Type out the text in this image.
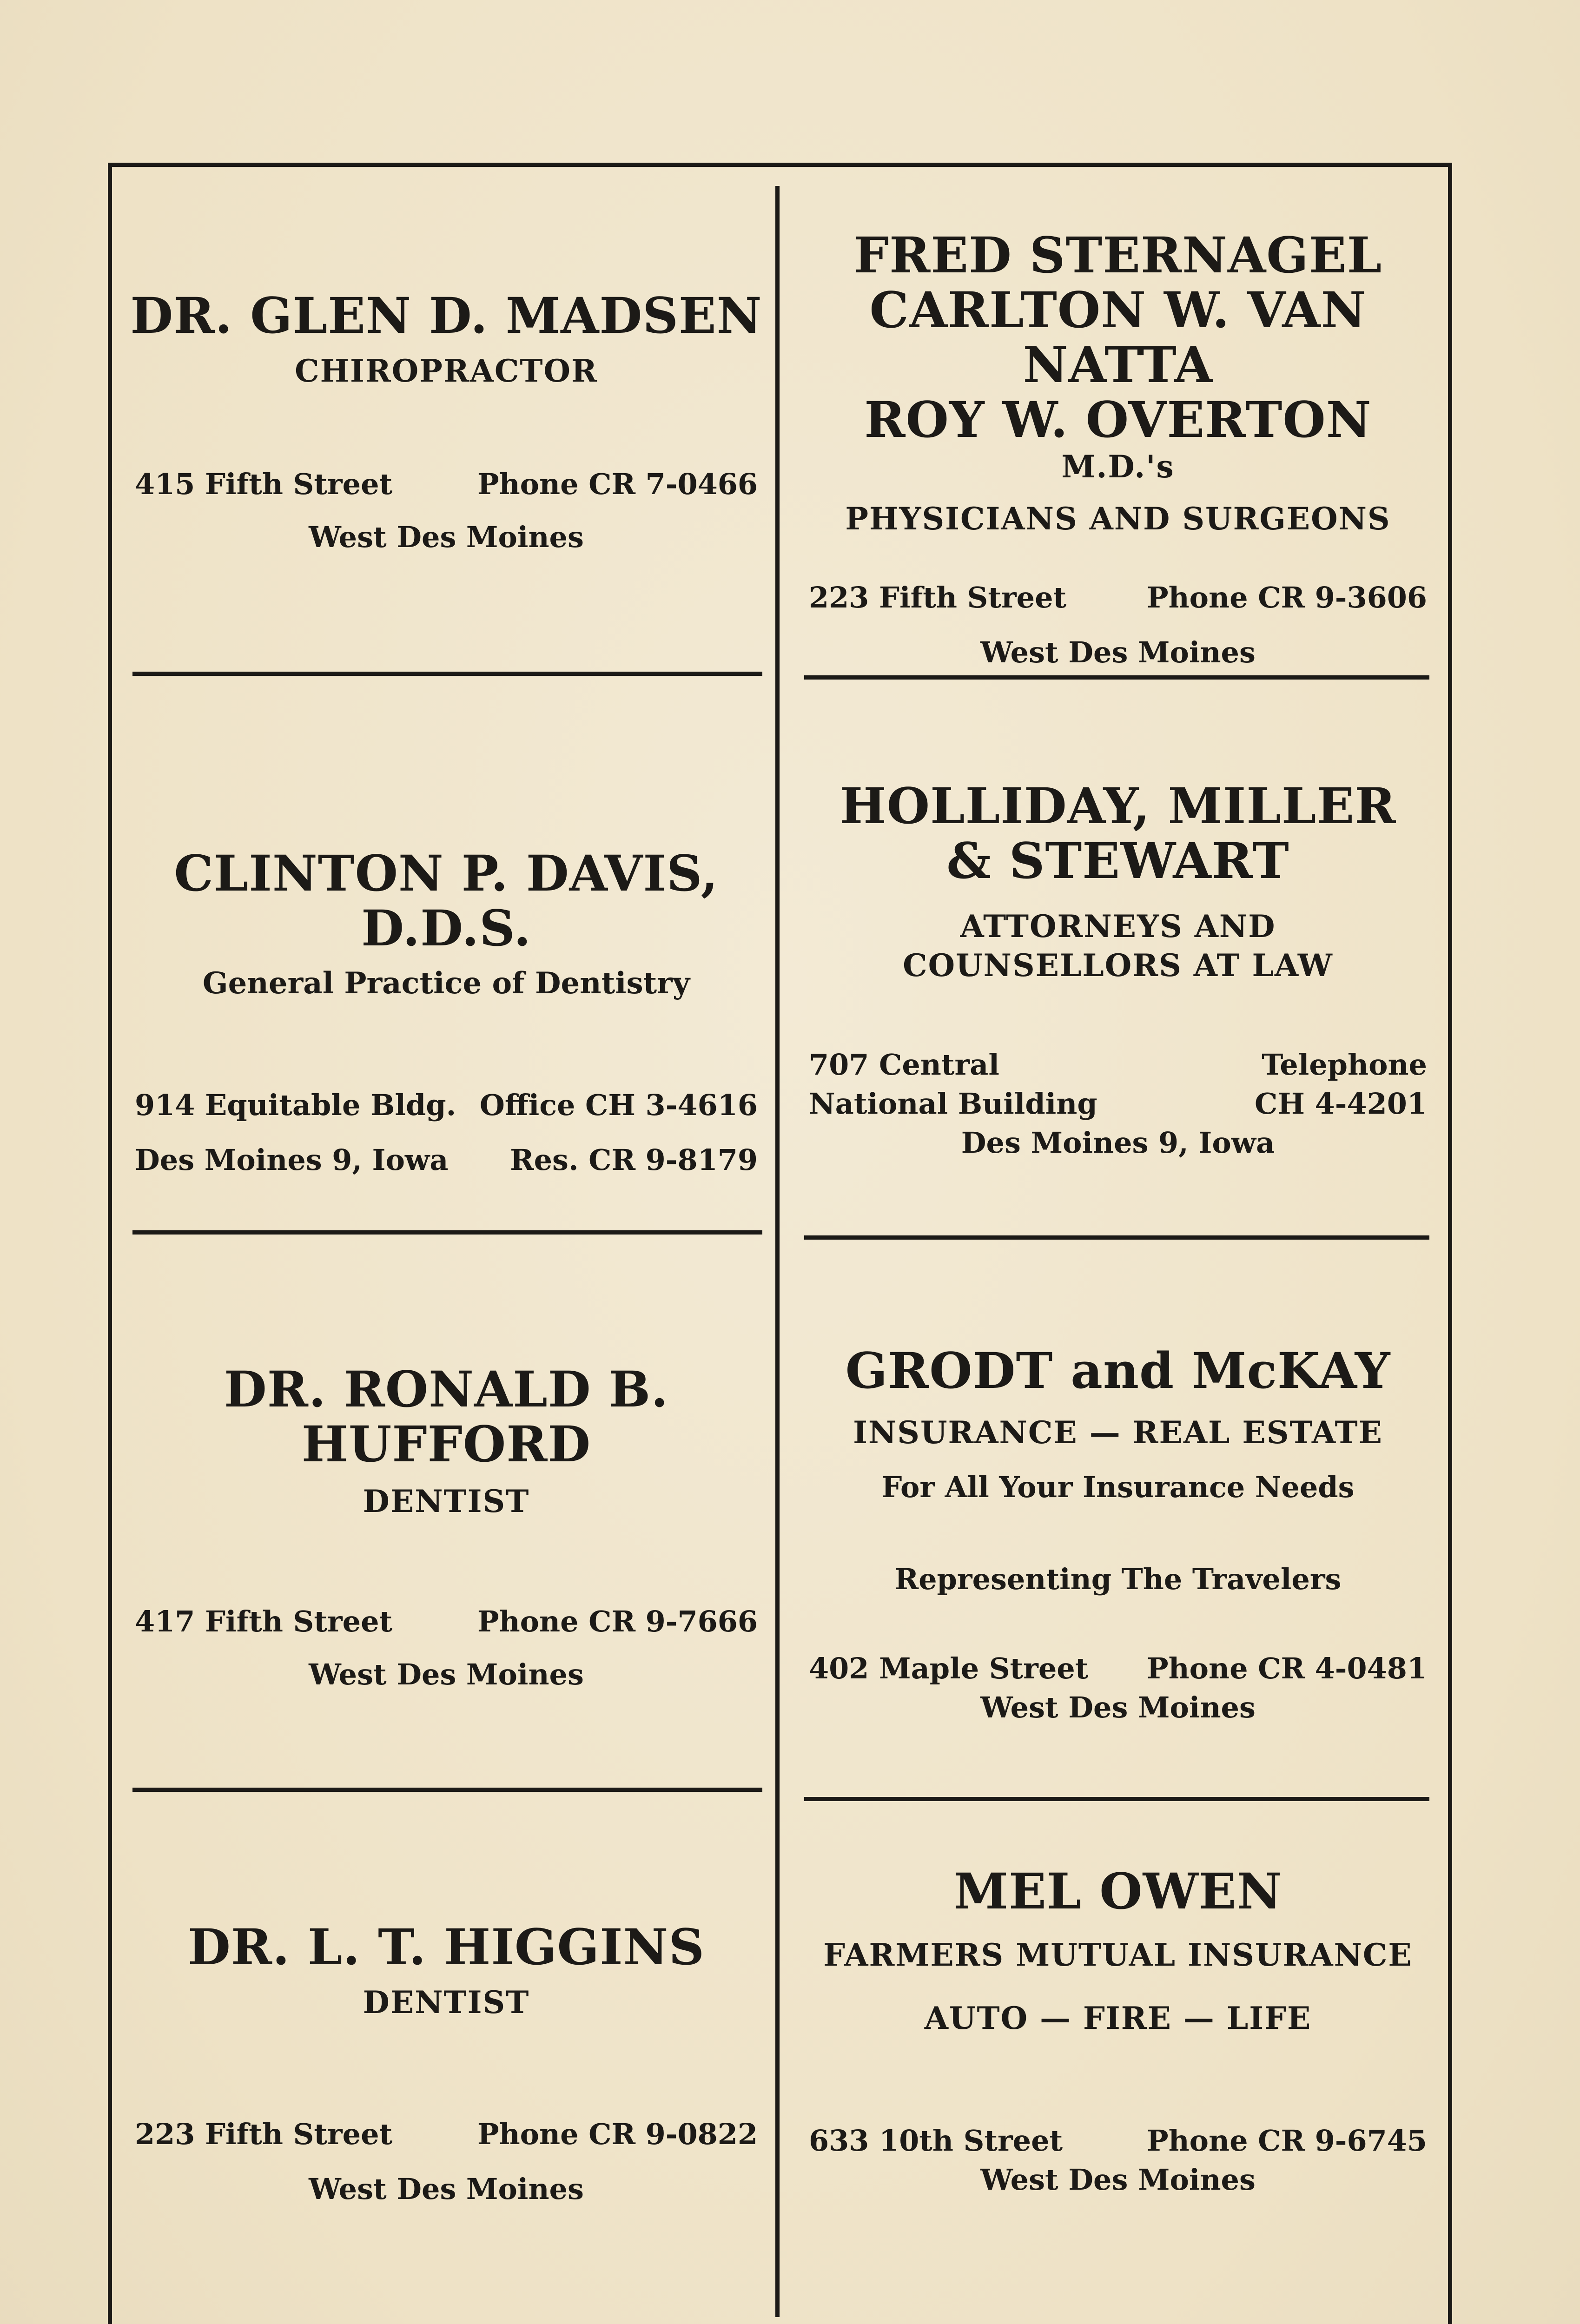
DR. GLEN D. MADSEN
CHIROPRACTOR
415 Fifth Street	Phone CR 7-0466
West Des Moines
CLINTON P. DAVIS, D.D.S.
General Practice of Dentistry
914 Equitable Bldg. Office CH 3-4616
Des Moines 9, Iowa Res. CR 9-8179
DR. RONALD B.
HUFFORD
DENTIST
417 Fifth Street	Phone CR 9-7666
West Des Moines
DR. L. T. HIGGINS
DENTIST
223 Fifth Street	Phone CR 9-0822
West Des Moines
FRED STERNAGEL
CARLTON W. VAN NATTA
ROY W. OVERTON
M.D.'s
PHYSICIANS AND SURGEONS
223 Fifth Street	Phone CR 9-3606
West Des Moines
HOLLIDAY, MILLER
& STEWART
ATTORNEYS AND
COUNSELLORS AT LAW
707 Central	Telephone
National Building	CH 4-4201
Des Moines 9, Iowa
GRODT and McKAY
INSURANCE — REAL ESTATE
For All Your Insurance Needs
Representing The Travelers
402 Maple Street Phone CR 4-0481
West Des Moines
MEL OWEN
FARMERS MUTUAL INSURANCE
AUTO — FIRE — LIFE
633 10th Street	Phone CR 9-6745
West Des Moines
